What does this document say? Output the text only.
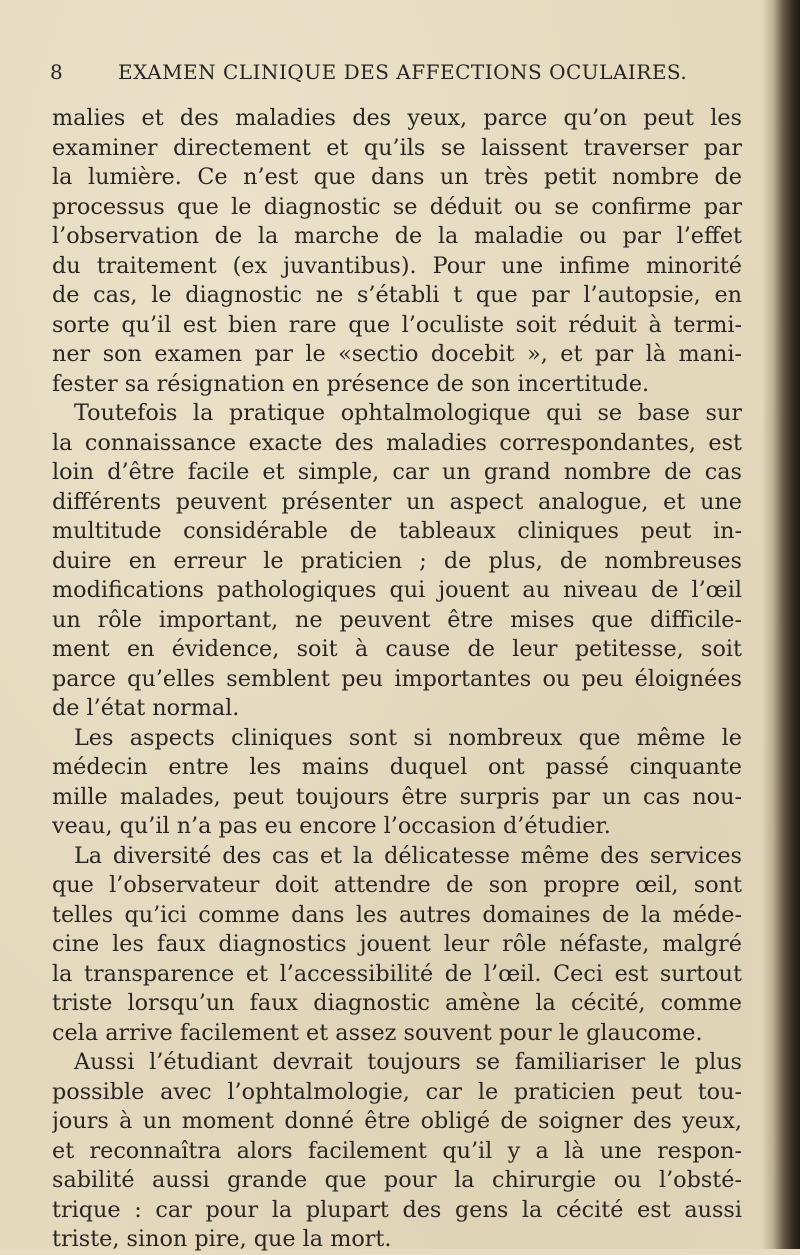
8	EXAMEN CLINIQUE DES AFFECTIONS OCULAIRES.
malies et des maladies des yeux, parce qu’on peut les
examiner directement et qu’ils se laissent traverser par
la lumière. Ce n’est que dans un très petit nombre de
processus que le diagnostic se déduit ou se confirme par
l’observation de la marche de la maladie ou par l’effet
du traitement (ex juvantibus). Pour une infime minorité
de cas, le diagnostic ne s’établi t que par l’autopsie, en
sorte qu’il est bien rare que l’oculiste soit réduit à termi-
ner son examen par le «sectio docebit », et par là mani-
fester sa résignation en présence de son incertitude.
Toutefois la pratique ophtalmologique qui se base sur
la connaissance exacte des maladies correspondantes, est
loin d’être facile et simple, car un grand nombre de cas
différents peuvent présenter un aspect analogue, et une
multitude considérable de tableaux cliniques peut in-
duire en erreur le praticien ; de plus, de nombreuses
modifications pathologiques qui jouent au niveau de l’œil
un rôle important, ne peuvent être mises que difficile-
ment en évidence, soit à cause de leur petitesse, soit
parce qu’elles semblent peu importantes ou peu éloignées
de l’état normal.
Les aspects cliniques sont si nombreux que même le
médecin entre les mains duquel ont passé cinquante
mille malades, peut toujours être surpris par un cas nou-
veau, qu’il n’a pas eu encore l’occasion d’étudier.
La diversité des cas et la délicatesse même des services
que l’observateur doit attendre de son propre œil, sont
telles qu’ici comme dans les autres domaines de la méde-
cine les faux diagnostics jouent leur rôle néfaste, malgré
la transparence et l’accessibilité de l’œil. Ceci est surtout
triste lorsqu’un faux diagnostic amène la cécité, comme
cela arrive facilement et assez souvent pour le glaucome.
Aussi l’étudiant devrait toujours se familiariser le plus
possible avec l’ophtalmologie, car le praticien peut tou-
jours à un moment donné être obligé de soigner des yeux,
et reconnaîtra alors facilement qu’il y a là une respon-
sabilité aussi grande que pour la chirurgie ou l’obsté-
trique : car pour la plupart des gens la cécité est aussi
triste, sinon pire, que la mort.
